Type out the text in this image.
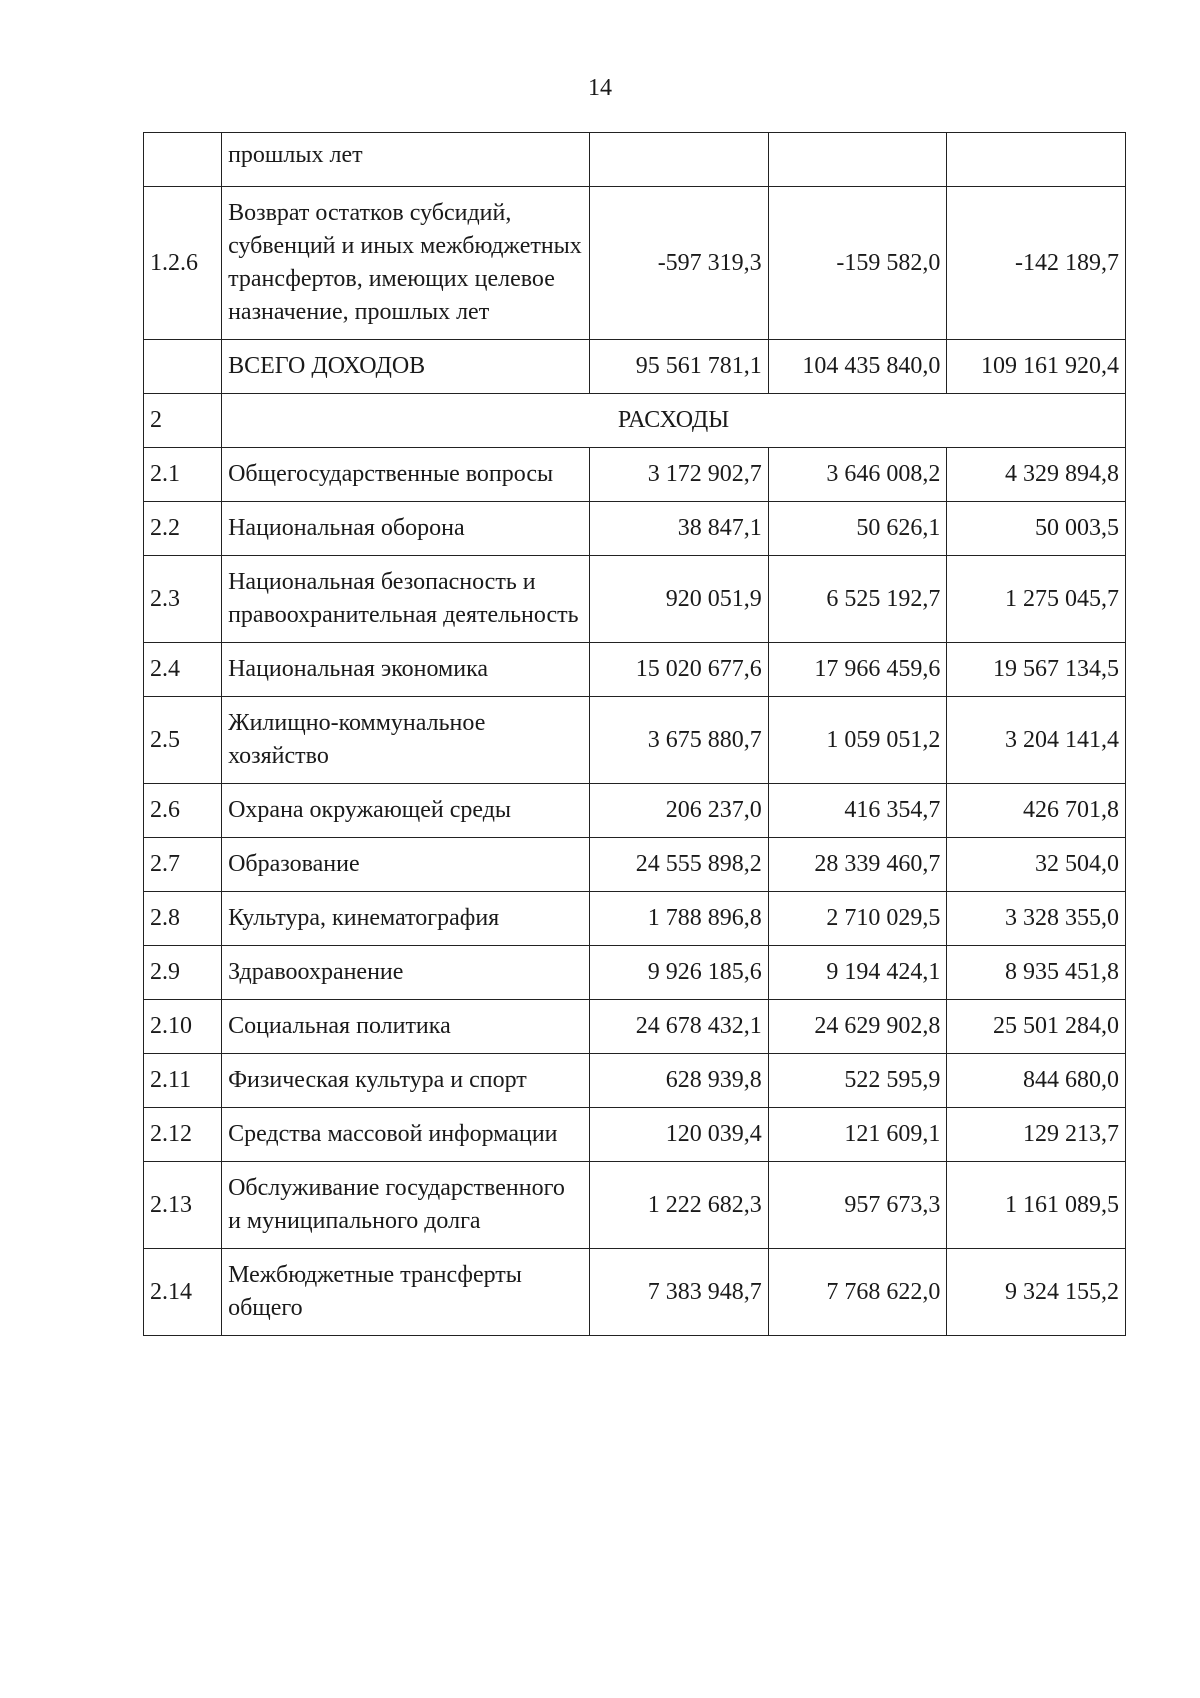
14
	прошлых лет			
1.2.6	Возврат остатков субсидий, субвенций и иных межбюджетных трансфертов, имеющих целевое назначение, прошлых лет	-597 319,3	-159 582,0	-142 189,7
	ВСЕГО ДОХОДОВ	95 561 781,1	104 435 840,0	109 161 920,4
2	РАСХОДЫ			
2.1	Общегосударственные вопросы	3 172 902,7	3 646 008,2	4 329 894,8
2.2	Национальная оборона	38 847,1	50 626,1	50 003,5
2.3	Национальная безопасность и правоохранительная деятельность	920 051,9	6 525 192,7	1 275 045,7
2.4	Национальная экономика	15 020 677,6	17 966 459,6	19 567 134,5
2.5	Жилищно-коммунальное хозяйство	3 675 880,7	1 059 051,2	3 204 141,4
2.6	Охрана окружающей среды	206 237,0	416 354,7	426 701,8
2.7	Образование	24 555 898,2	28 339 460,7	32 504,0
2.8	Культура, кинематография	1 788 896,8	2 710 029,5	3 328 355,0
2.9	Здравоохранение	9 926 185,6	9 194 424,1	8 935 451,8
2.10	Социальная политика	24 678 432,1	24 629 902,8	25 501 284,0
2.11	Физическая культура и спорт	628 939,8	522 595,9	844 680,0
2.12	Средства массовой информации	120 039,4	121 609,1	129 213,7
2.13	Обслуживание государственного и муниципального долга	1 222 682,3	957 673,3	1 161 089,5
2.14	Межбюджетные трансферты общего	7 383 948,7	7 768 622,0	9 324 155,2
